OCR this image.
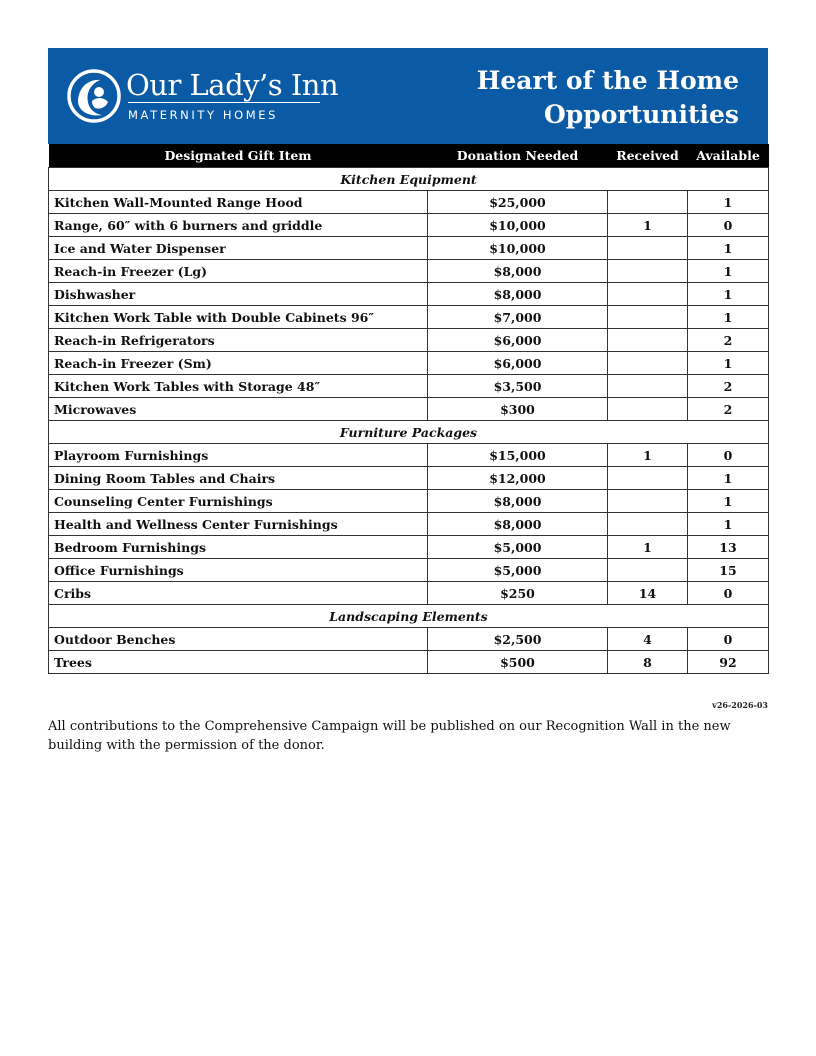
Our Lady’s Inn
MATERNITY HOMES
Heart of the Home
Opportunities
Designated Gift Item	Donation Needed	Received	Available
Kitchen Equipment			
Kitchen Wall-Mounted Range Hood	$25,000		1
Range, 60″ with 6 burners and griddle	$10,000	1	0
Ice and Water Dispenser	$10,000		1
Reach-in Freezer (Lg)	$8,000		1
Dishwasher	$8,000		1
Kitchen Work Table with Double Cabinets 96″	$7,000		1
Reach-in Refrigerators	$6,000		2
Reach-in Freezer (Sm)	$6,000		1
Kitchen Work Tables with Storage 48″	$3,500		2
Microwaves	$300		2
Furniture Packages			
Playroom Furnishings	$15,000	1	0
Dining Room Tables and Chairs	$12,000		1
Counseling Center Furnishings	$8,000		1
Health and Wellness Center Furnishings	$8,000		1
Bedroom Furnishings	$5,000	1	13
Office Furnishings	$5,000		15
Cribs	$250	14	0
Landscaping Elements			
Outdoor Benches	$2,500	4	0
Trees	$500	8	92
v26-2026-03
All contributions to the Comprehensive Campaign will be published on our Recognition Wall in the new building with the permission of the donor.
